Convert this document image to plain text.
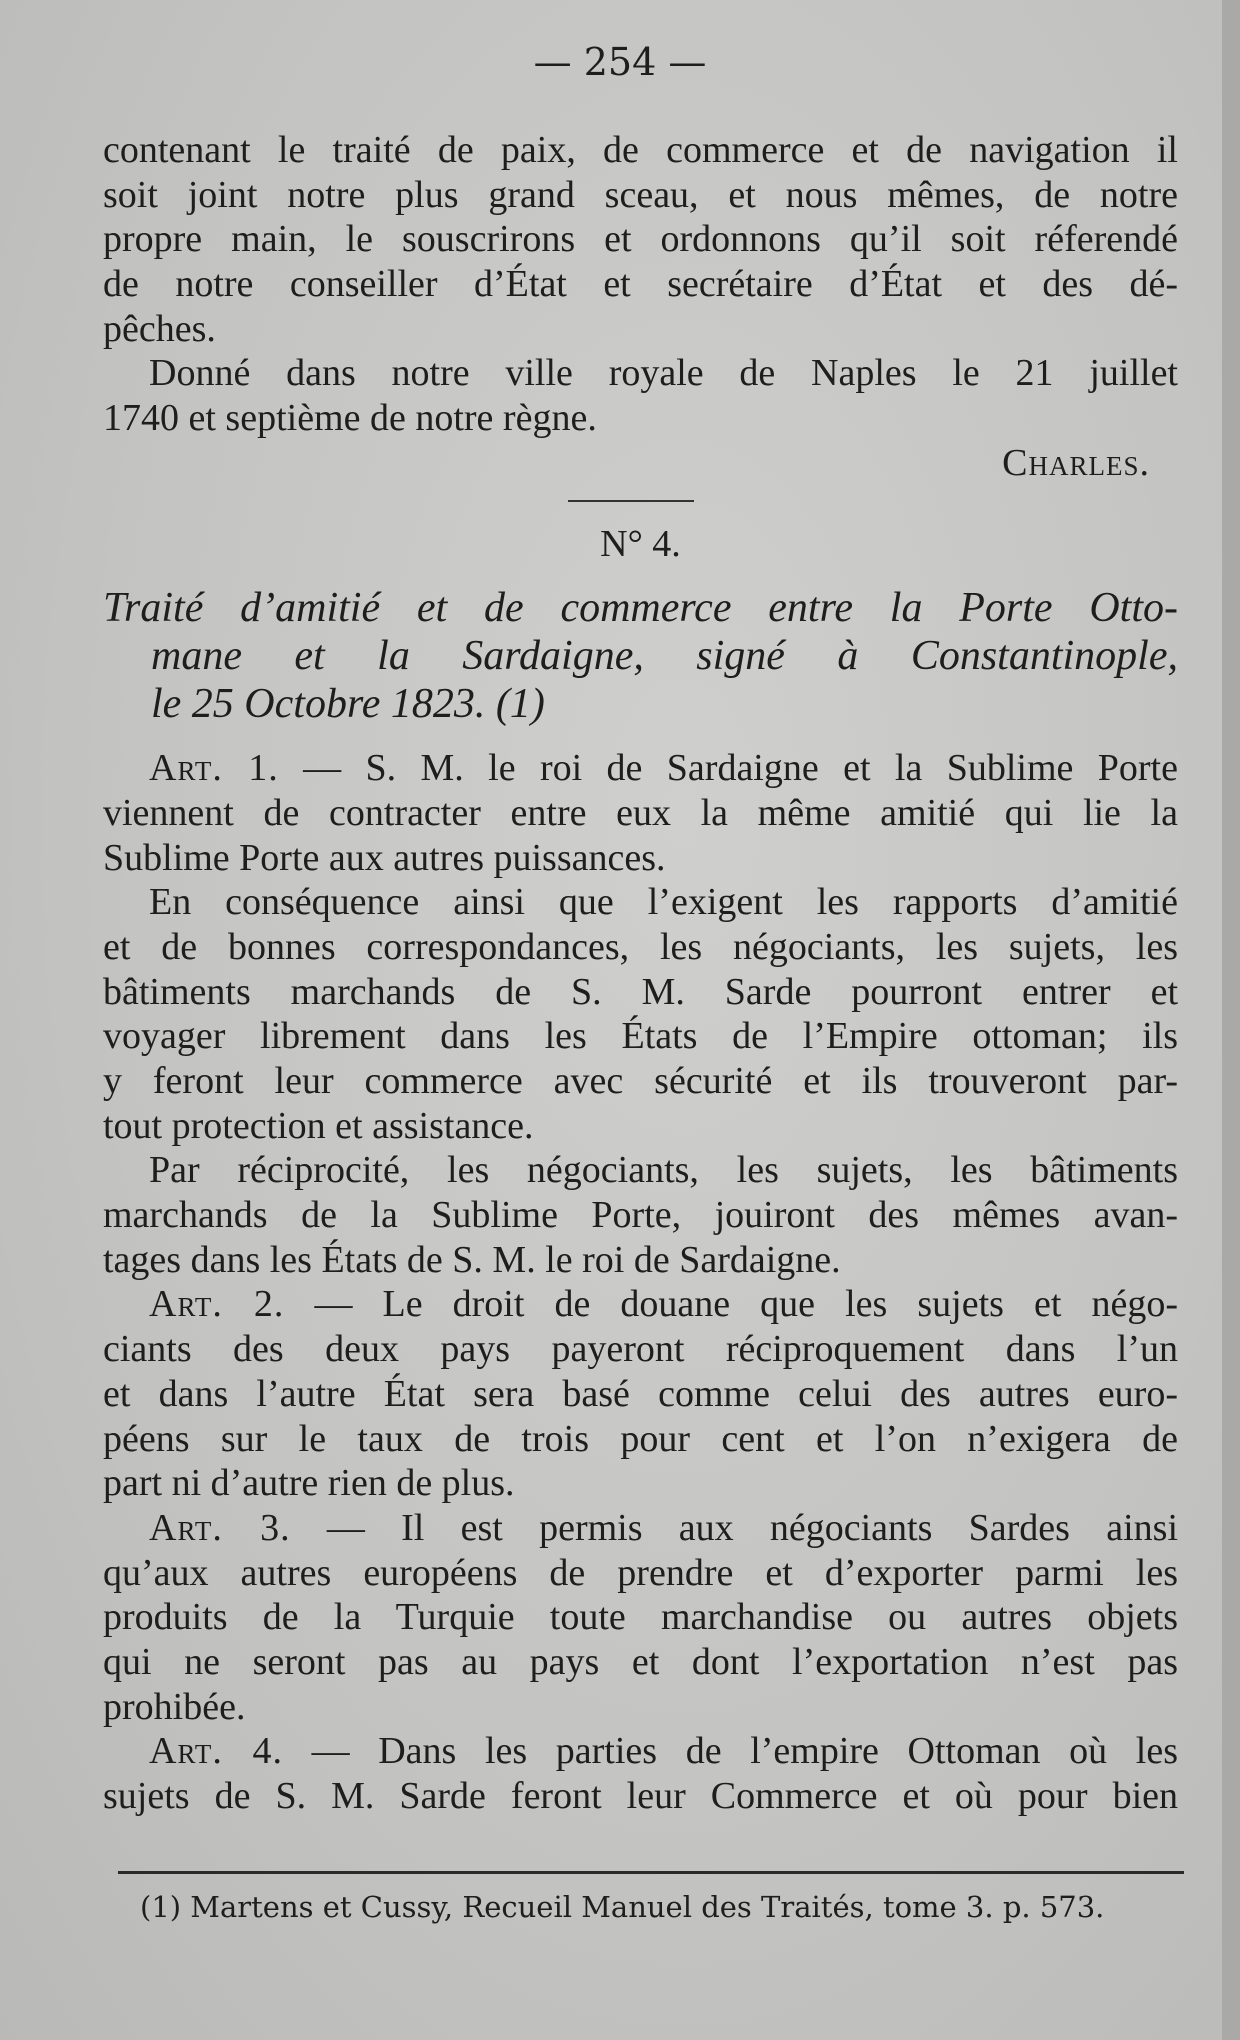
— 254 —
contenant le traité de paix, de commerce et de navigation il
soit joint notre plus grand sceau, et nous mêmes, de notre
propre main, le souscrirons et ordonnons qu’il soit réferendé
de notre conseiller d’État et secrétaire d’État et des dé-
pêches.
Donné dans notre ville royale de Naples le 21 juillet
1740 et septième de notre règne.
Charles.
N° 4.
Traité d’amitié et de commerce entre la Porte Otto-
mane et la Sardaigne, signé à Constantinople,
le 25 Octobre 1823. (1)
Art. 1. — S. M. le roi de Sardaigne et la Sublime Porte
viennent de contracter entre eux la même amitié qui lie la
Sublime Porte aux autres puissances.
En conséquence ainsi que l’exigent les rapports d’amitié
et de bonnes correspondances, les négociants, les sujets, les
bâtiments marchands de S. M. Sarde pourront entrer et
voyager librement dans les États de l’Empire ottoman; ils
y feront leur commerce avec sécurité et ils trouveront par-
tout protection et assistance.
Par réciprocité, les négociants, les sujets, les bâtiments
marchands de la Sublime Porte, jouiront des mêmes avan-
tages dans les États de S. M. le roi de Sardaigne.
Art. 2. — Le droit de douane que les sujets et négo-
ciants des deux pays payeront réciproquement dans l’un
et dans l’autre État sera basé comme celui des autres euro-
péens sur le taux de trois pour cent et l’on n’exigera de
part ni d’autre rien de plus.
Art. 3. — Il est permis aux négociants Sardes ainsi
qu’aux autres européens de prendre et d’exporter parmi les
produits de la Turquie toute marchandise ou autres objets
qui ne seront pas au pays et dont l’exportation n’est pas
prohibée.
Art. 4. — Dans les parties de l’empire Ottoman où les
sujets de S. M. Sarde feront leur Commerce et où pour bien
(1) Martens et Cussy, Recueil Manuel des Traités, tome 3. p. 573.
